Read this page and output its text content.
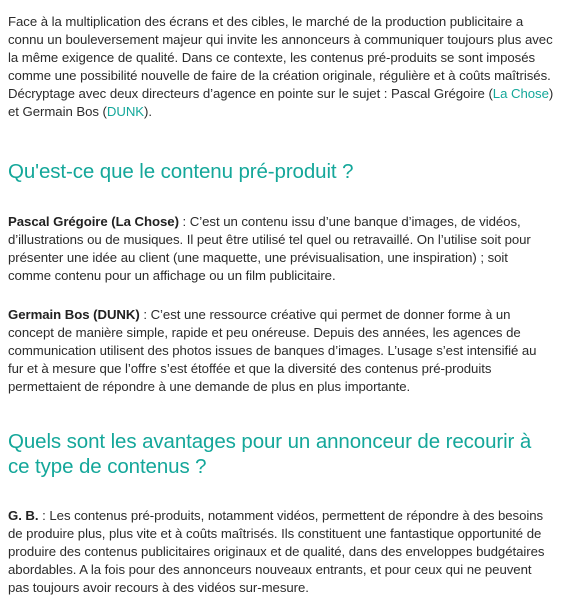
Face à la multiplication des écrans et des cibles, le marché de la production publicitaire a connu un bouleversement majeur qui invite les annonceurs à communiquer toujours plus avec la même exigence de qualité. Dans ce contexte, les contenus pré-produits se sont imposés comme une possibilité nouvelle de faire de la création originale, régulière et à coûts maîtrisés. Décryptage avec deux directeurs d’agence en pointe sur le sujet : Pascal Grégoire (La Chose) et Germain Bos (DUNK).

Qu'est-ce que le contenu pré-produit ?

Pascal Grégoire (La Chose) : C’est un contenu issu d’une banque d’images, de vidéos, d’illustrations ou de musiques. Il peut être utilisé tel quel ou retravaillé. On l’utilise soit pour présenter une idée au client (une maquette, une prévisualisation, une inspiration) ; soit comme contenu pour un affichage ou un film publicitaire.

Germain Bos (DUNK) : C’est une ressource créative qui permet de donner forme à un concept de manière simple, rapide et peu onéreuse. Depuis des années, les agences de communication utilisent des photos issues de banques d’images. L’usage s’est intensifié au fur et à mesure que l’offre s’est étoffée et que la diversité des contenus pré-produits permettaient de répondre à une demande de plus en plus importante.

Quels sont les avantages pour un annonceur de recourir à ce type de contenus ?

G. B. : Les contenus pré-produits, notamment vidéos, permettent de répondre à des besoins de produire plus, plus vite et à coûts maîtrisés. Ils constituent une fantastique opportunité de produire des contenus publicitaires originaux et de qualité, dans des enveloppes budgétaires abordables. A la fois pour des annonceurs nouveaux entrants, et pour ceux qui ne peuvent pas toujours avoir recours à des vidéos sur-mesure.
